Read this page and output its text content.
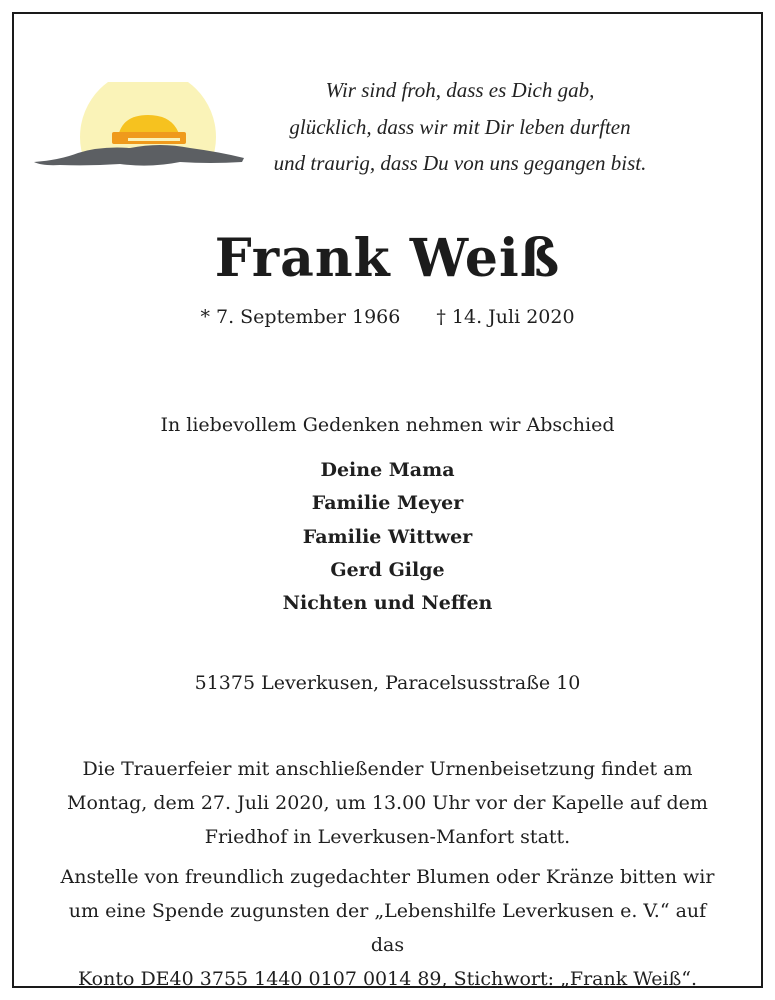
Wir sind froh, dass es Dich gab,
glücklich, dass wir mit Dir leben durften
und traurig, dass Du von uns gegangen bist.
Frank Weiß
* 7. September 1966 † 14. Juli 2020
In liebevollem Gedenken nehmen wir Abschied
Deine Mama
Familie Meyer
Familie Wittwer
Gerd Gilge
Nichten und Neffen
51375 Leverkusen, Paracelsusstraße 10
Die Trauerfeier mit anschließender Urnenbeisetzung findet am
Montag, dem 27. Juli 2020, um 13.00 Uhr vor der Kapelle auf dem
Friedhof in Leverkusen-Manfort statt.
Anstelle von freundlich zugedachter Blumen oder Kränze bitten wir
um eine Spende zugunsten der „Lebenshilfe Leverkusen e. V.“ auf das
Konto DE40 3755 1440 0107 0014 89, Stichwort: „Frank Weiß“.
